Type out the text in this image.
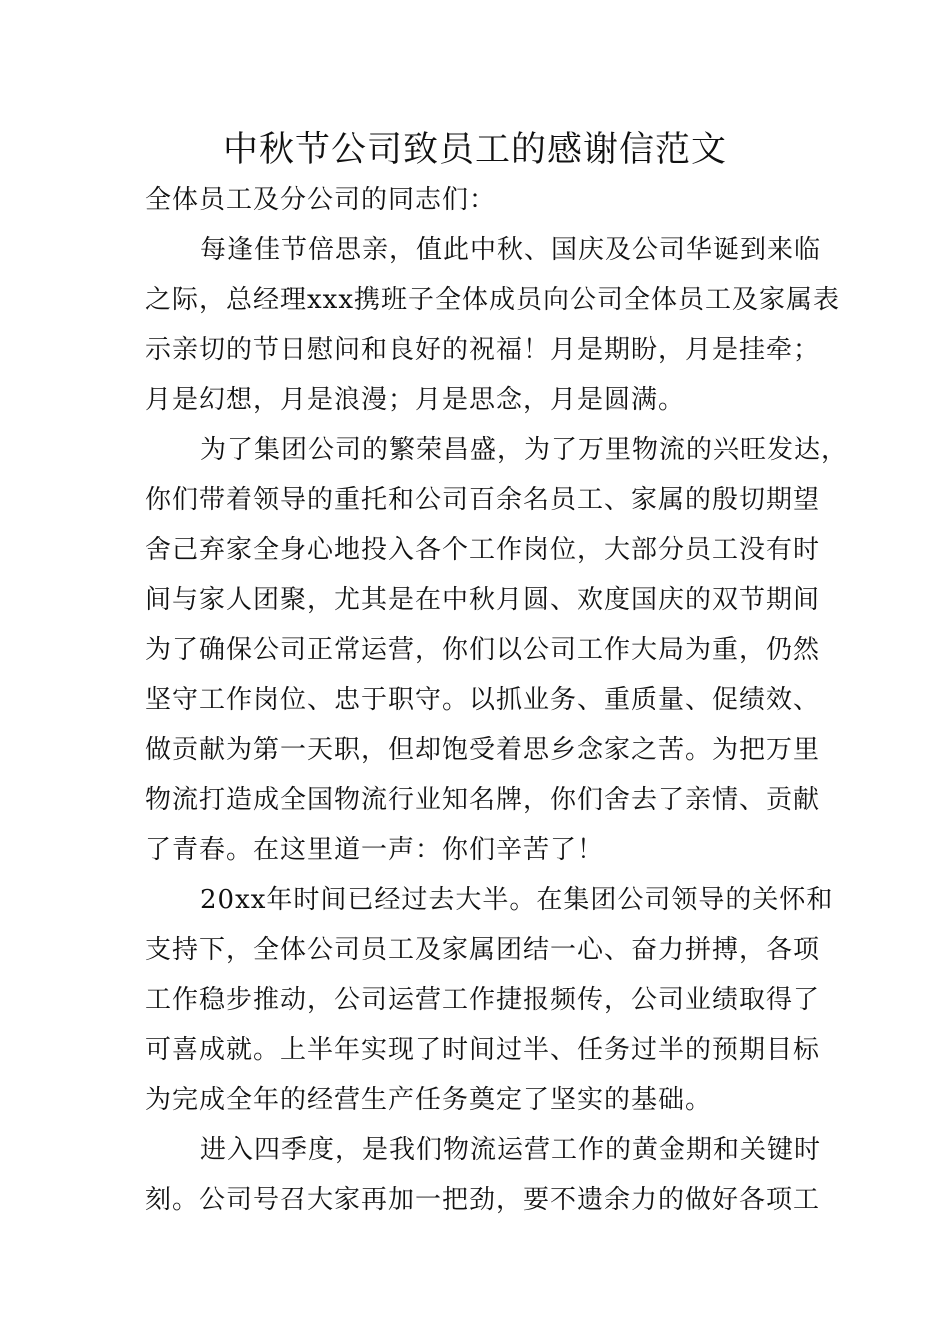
中秋节公司致员工的感谢信范文

全体员工及分公司的同志们：

每逢佳节倍思亲，值此中秋、国庆及公司华诞到来临

之际，总经理xxx携班子全体成员向公司全体员工及家属表

示亲切的节日慰问和良好的祝福！月是期盼，月是挂牵；

月是幻想，月是浪漫；月是思念，月是圆满。

为了集团公司的繁荣昌盛，为了万里物流的兴旺发达，

你们带着领导的重托和公司百余名员工、家属的殷切期望

舍己弃家全身心地投入各个工作岗位，大部分员工没有时

间与家人团聚，尤其是在中秋月圆、欢度国庆的双节期间

为了确保公司正常运营，你们以公司工作大局为重，仍然

坚守工作岗位、忠于职守。以抓业务、重质量、促绩效、

做贡献为第一天职，但却饱受着思乡念家之苦。为把万里

物流打造成全国物流行业知名牌，你们舍去了亲情、贡献

了青春。在这里道一声：你们辛苦了！

20xx年时间已经过去大半。在集团公司领导的关怀和

支持下，全体公司员工及家属团结一心、奋力拼搏，各项

工作稳步推动，公司运营工作捷报频传，公司业绩取得了

可喜成就。上半年实现了时间过半、任务过半的预期目标

为完成全年的经营生产任务奠定了坚实的基础。

进入四季度，是我们物流运营工作的黄金期和关键时

刻。公司号召大家再加一把劲，要不遗余力的做好各项工
